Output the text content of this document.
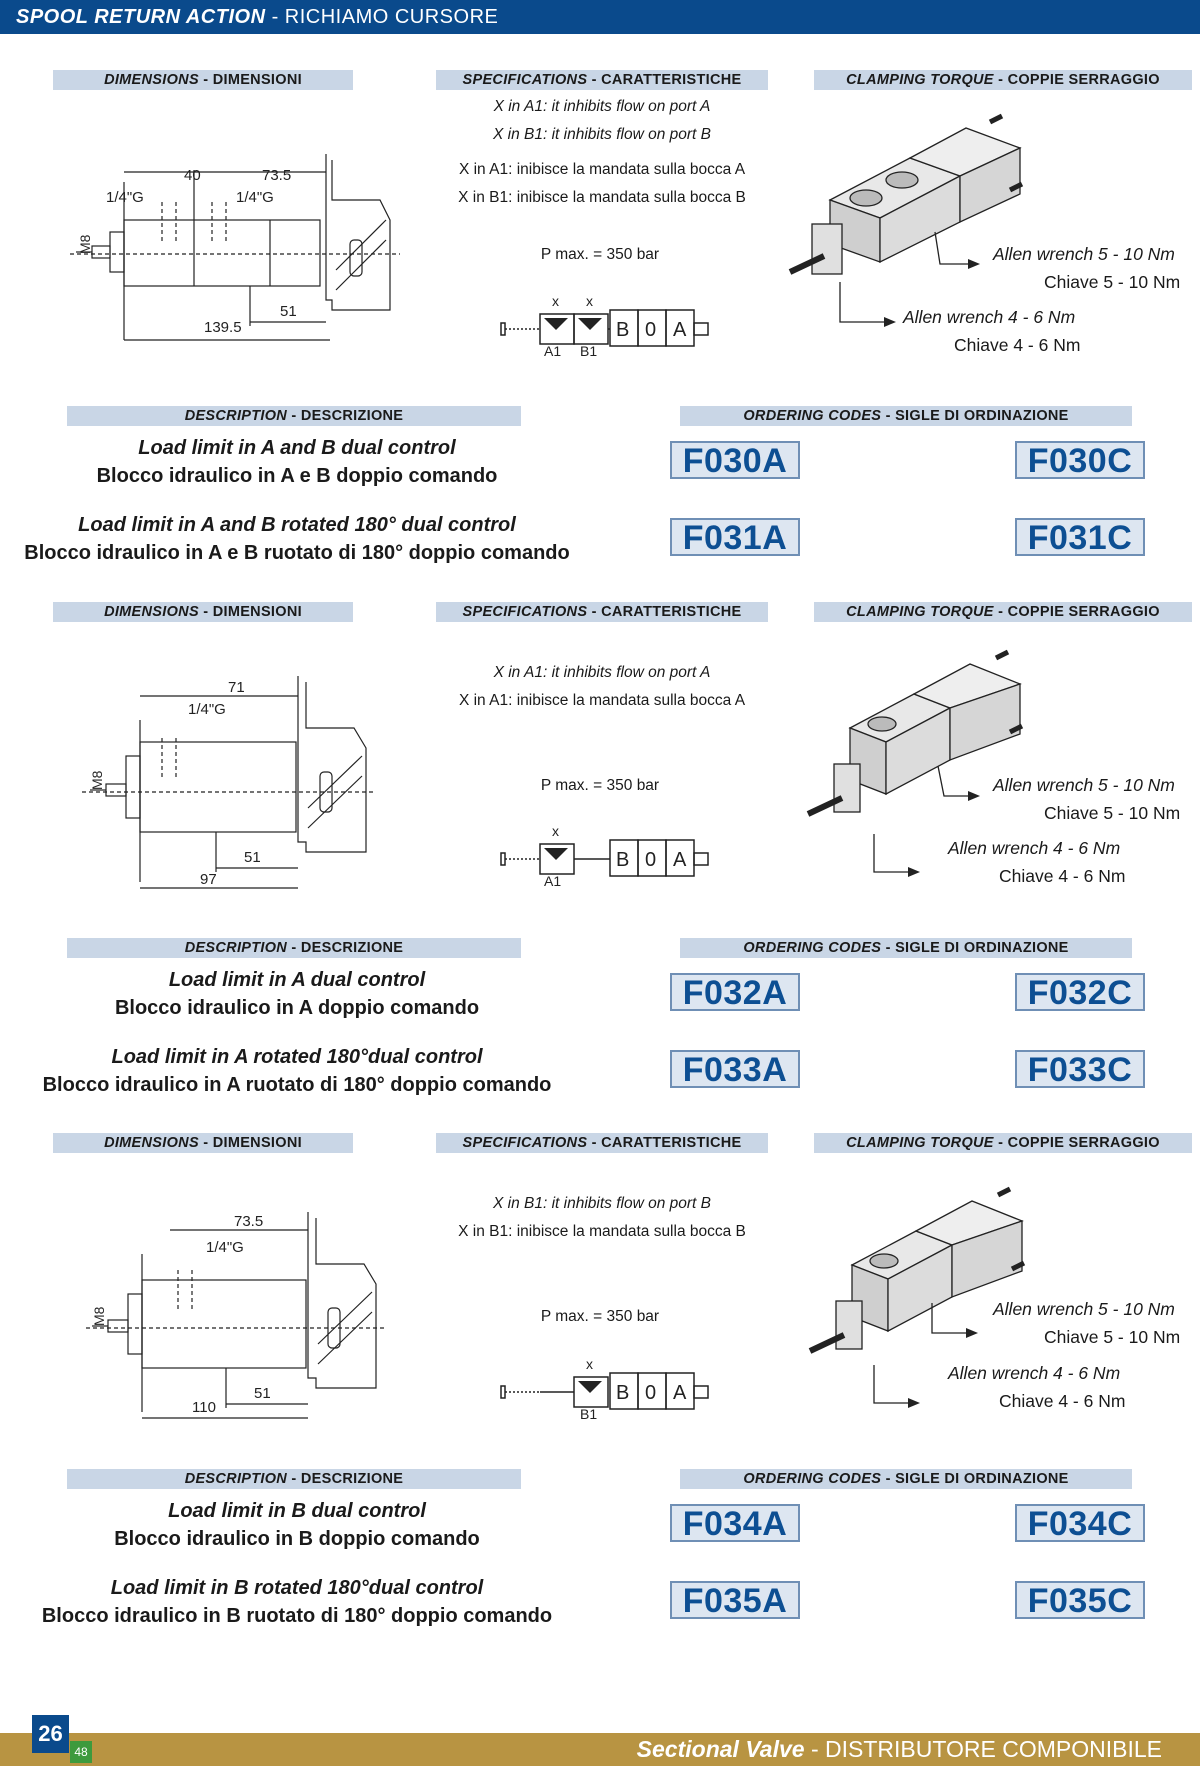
SPOOL RETURN ACTION - RICHIAMO CURSORE
DIMENSIONS - DIMENSIONI	SPECIFICATIONS - CARATTERISTICHE	CLAMPING TORQUE - COPPIE SERRAGGIO
M8
1/4"G	1/4"G
40	73.5
51
139.5
X in A1: it inhibits flow on port A
X in B1: it inhibits flow on port B
X in A1: inibisce la mandata sulla bocca A
X in B1: inibisce la mandata sulla bocca B
P max. = 350 bar
x x
B 0 A
A1 B1
Allen wrench 5 - 10 Nm
Chiave 5 - 10 Nm
Allen wrench 4 - 6 Nm
Chiave 4 - 6 Nm
DESCRIPTION - DESCRIZIONE	ORDERING CODES - SIGLE DI ORDINAZIONE
Load limit in A and B dual control
Blocco idraulico in A e B doppio comando
Load limit in A and B rotated 180° dual control
Blocco idraulico in A e B ruotato di 180° doppio comando
F030A	F030C
F031A	F031C
DIMENSIONS - DIMENSIONI	SPECIFICATIONS - CARATTERISTICHE	CLAMPING TORQUE - COPPIE SERRAGGIO
M8
1/4"G
71
51
97
X in A1: it inhibits flow on port A
X in A1: inibisce la mandata sulla bocca A
P max. = 350 bar
x
B 0 A
A1
Allen wrench 5 - 10 Nm
Chiave 5 - 10 Nm
Allen wrench 4 - 6 Nm
Chiave 4 - 6 Nm
DESCRIPTION - DESCRIZIONE	ORDERING CODES - SIGLE DI ORDINAZIONE
Load limit in A dual control
Blocco idraulico in A doppio comando
Load limit in A rotated 180°dual control
Blocco idraulico in A ruotato di 180° doppio comando
F032A	F032C
F033A	F033C
DIMENSIONS - DIMENSIONI	SPECIFICATIONS - CARATTERISTICHE	CLAMPING TORQUE - COPPIE SERRAGGIO
M8
1/4"G
73.5
51
110
X in B1: it inhibits flow on port B
X in B1: inibisce la mandata sulla bocca B
P max. = 350 bar
x
B 0 A
B1
Allen wrench 5 - 10 Nm
Chiave 5 - 10 Nm
Allen wrench 4 - 6 Nm
Chiave 4 - 6 Nm
DESCRIPTION - DESCRIZIONE	ORDERING CODES - SIGLE DI ORDINAZIONE
Load limit in B dual control
Blocco idraulico in B doppio comando
Load limit in B rotated 180°dual control
Blocco idraulico in B ruotato di 180° doppio comando
F034A	F034C
F035A	F035C
Sectional Valve - DISTRIBUTORE COMPONIBILE
26
48
